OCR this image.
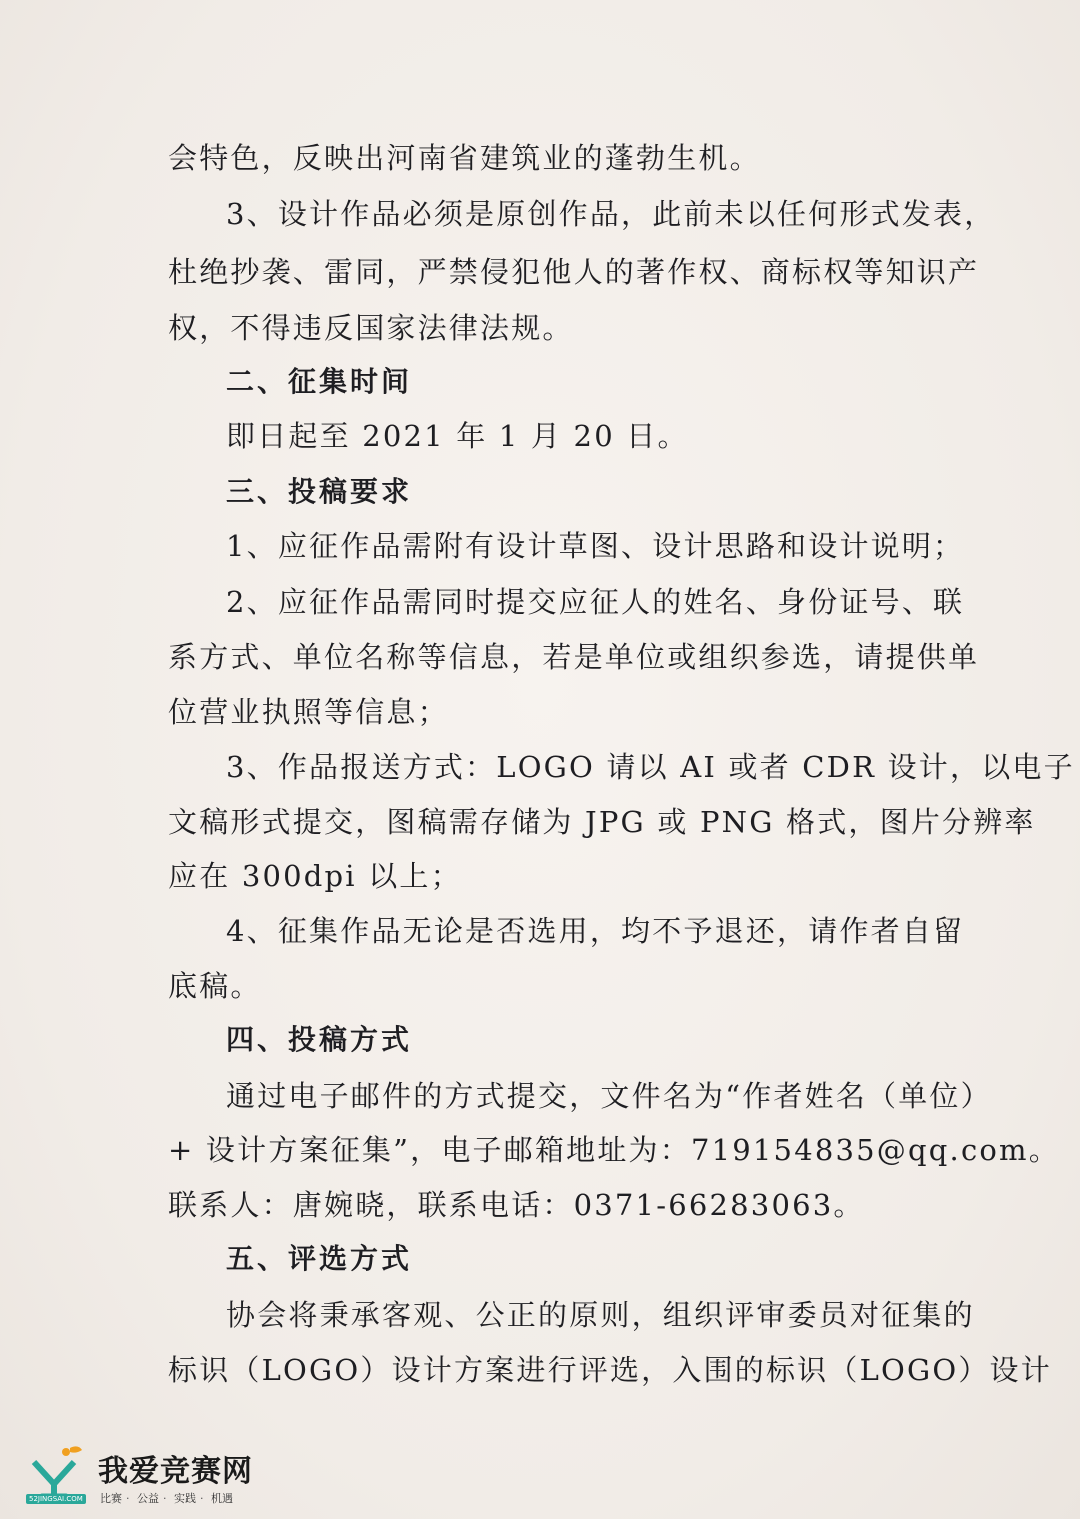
会特色，反映出河南省建筑业的蓬勃生机。
3、设计作品必须是原创作品，此前未以任何形式发表，
杜绝抄袭、雷同，严禁侵犯他人的著作权、商标权等知识产
权，不得违反国家法律法规。
二、征集时间
即日起至 2021 年 1 月 20 日。
三、投稿要求
1、应征作品需附有设计草图、设计思路和设计说明；
2、应征作品需同时提交应征人的姓名、身份证号、联
系方式、单位名称等信息，若是单位或组织参选，请提供单
位营业执照等信息；
3、作品报送方式：LOGO 请以 AI 或者 CDR 设计，以电子
文稿形式提交，图稿需存储为 JPG 或 PNG 格式，图片分辨率
应在 300dpi 以上；
4、征集作品无论是否选用，均不予退还，请作者自留
底稿。
四、投稿方式
通过电子邮件的方式提交，文件名为“作者姓名（单位）
+ 设计方案征集”，电子邮箱地址为：719154835@qq.com。
联系人：唐婉晓，联系电话：0371-66283063。
五、评选方式
协会将秉承客观、公正的原则，组织评审委员对征集的
标识（LOGO）设计方案进行评选，入围的标识（LOGO）设计
我爱竞赛网
52JINGSAI.COM 比赛 · 公益 · 实践 · 机遇
